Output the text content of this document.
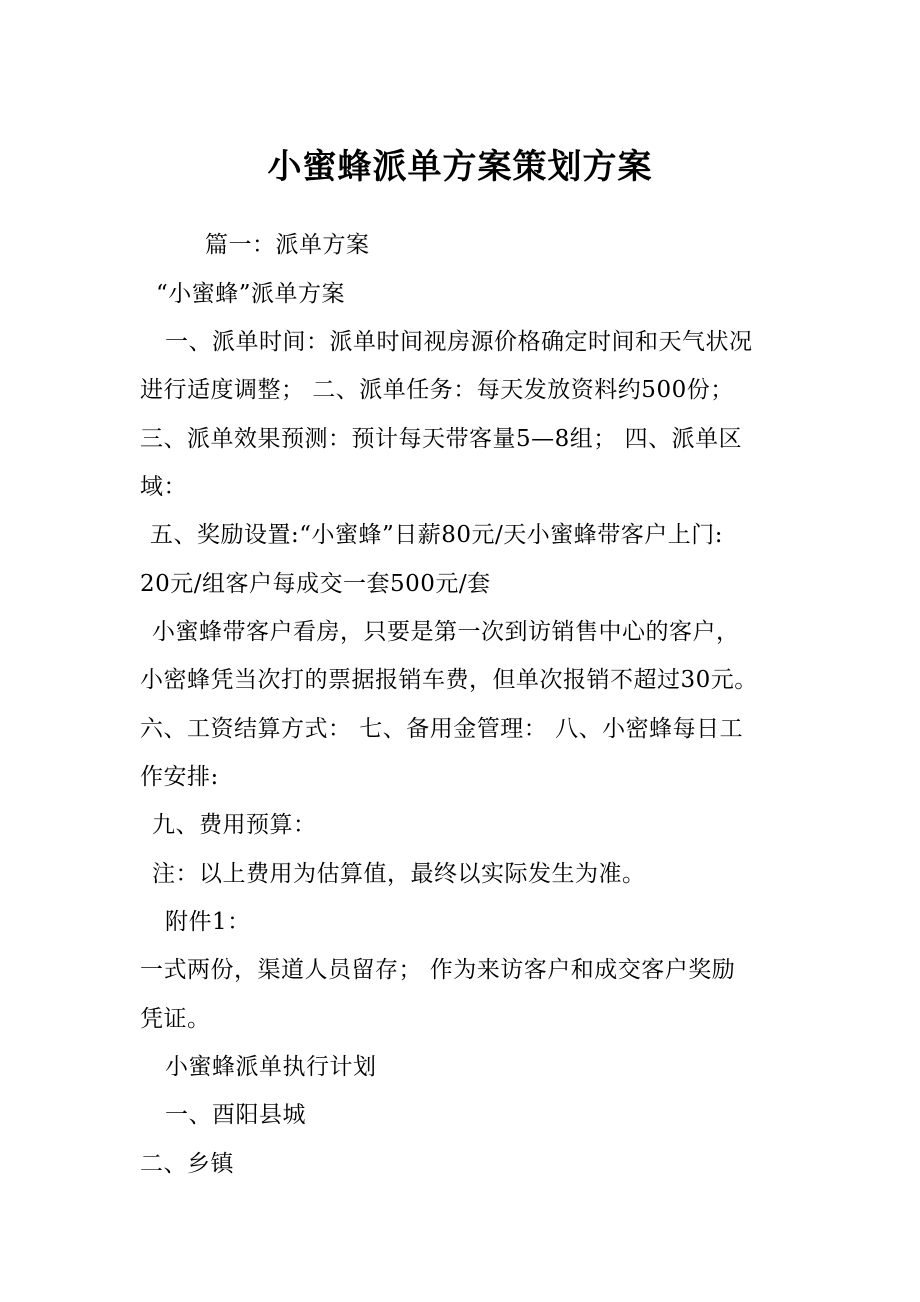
小蜜蜂派单方案策划方案
篇一：派单方案
“小蜜蜂”派单方案
一、派单时间：派单时间视房源价格确定时间和天气状况
进行适度调整； 二、派单任务：每天发放资料约500份；
三、派单效果预测：预计每天带客量5—8组； 四、派单区
域：
五、奖励设置:“小蜜蜂”日薪80元/天小蜜蜂带客户上门:
20元/组客户每成交一套500元/套
小蜜蜂带客户看房，只要是第一次到访销售中心的客户，
小密蜂凭当次打的票据报销车费，但单次报销不超过30元。
六、工资结算方式： 七、备用金管理： 八、小密蜂每日工
作安排:
九、费用预算：
注：以上费用为估算值，最终以实际发生为准。
附件1：
一式两份，渠道人员留存； 作为来访客户和成交客户奖励
凭证。
小蜜蜂派单执行计划
一、酉阳县城
二、乡镇
